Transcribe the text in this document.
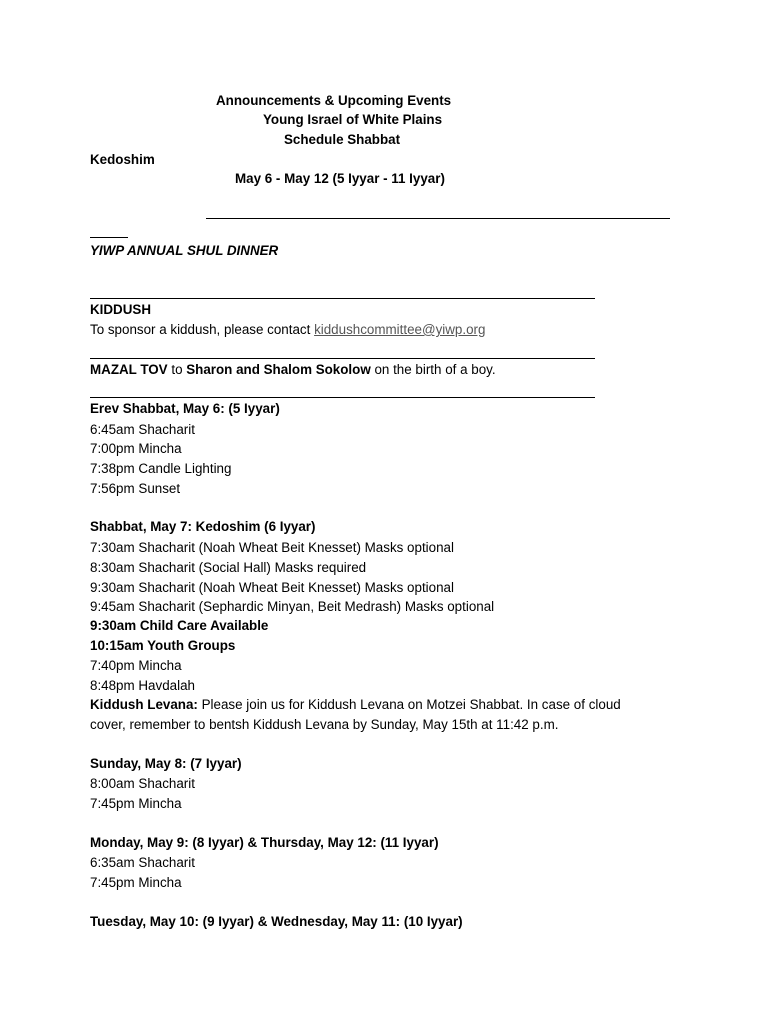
Announcements & Upcoming Events
Young Israel of White Plains
Schedule Shabbat
Kedoshim
May 6 - May 12 (5 Iyyar - 11 Iyyar)
YIWP ANNUAL SHUL DINNER
KIDDUSH
To sponsor a kiddush, please contact kiddushcommittee@yiwp.org
MAZAL TOV to Sharon and Shalom Sokolow on the birth of a boy.
Erev Shabbat, May 6: (5 Iyyar)
6:45am Shacharit
7:00pm Mincha
7:38pm Candle Lighting
7:56pm Sunset
Shabbat, May 7: Kedoshim (6 Iyyar)
7:30am Shacharit (Noah Wheat Beit Knesset) Masks optional
8:30am Shacharit (Social Hall) Masks required
9:30am Shacharit (Noah Wheat Beit Knesset) Masks optional
9:45am Shacharit (Sephardic Minyan, Beit Medrash) Masks optional
9:30am Child Care Available
10:15am Youth Groups
7:40pm Mincha
8:48pm Havdalah
Kiddush Levana: Please join us for Kiddush Levana on Motzei Shabbat. In case of cloud
cover, remember to bentsh Kiddush Levana by Sunday, May 15th at 11:42 p.m.
Sunday, May 8: (7 Iyyar)
8:00am Shacharit
7:45pm Mincha
Monday, May 9: (8 Iyyar) & Thursday, May 12: (11 Iyyar)
6:35am Shacharit
7:45pm Mincha
Tuesday, May 10: (9 Iyyar) & Wednesday, May 11: (10 Iyyar)
